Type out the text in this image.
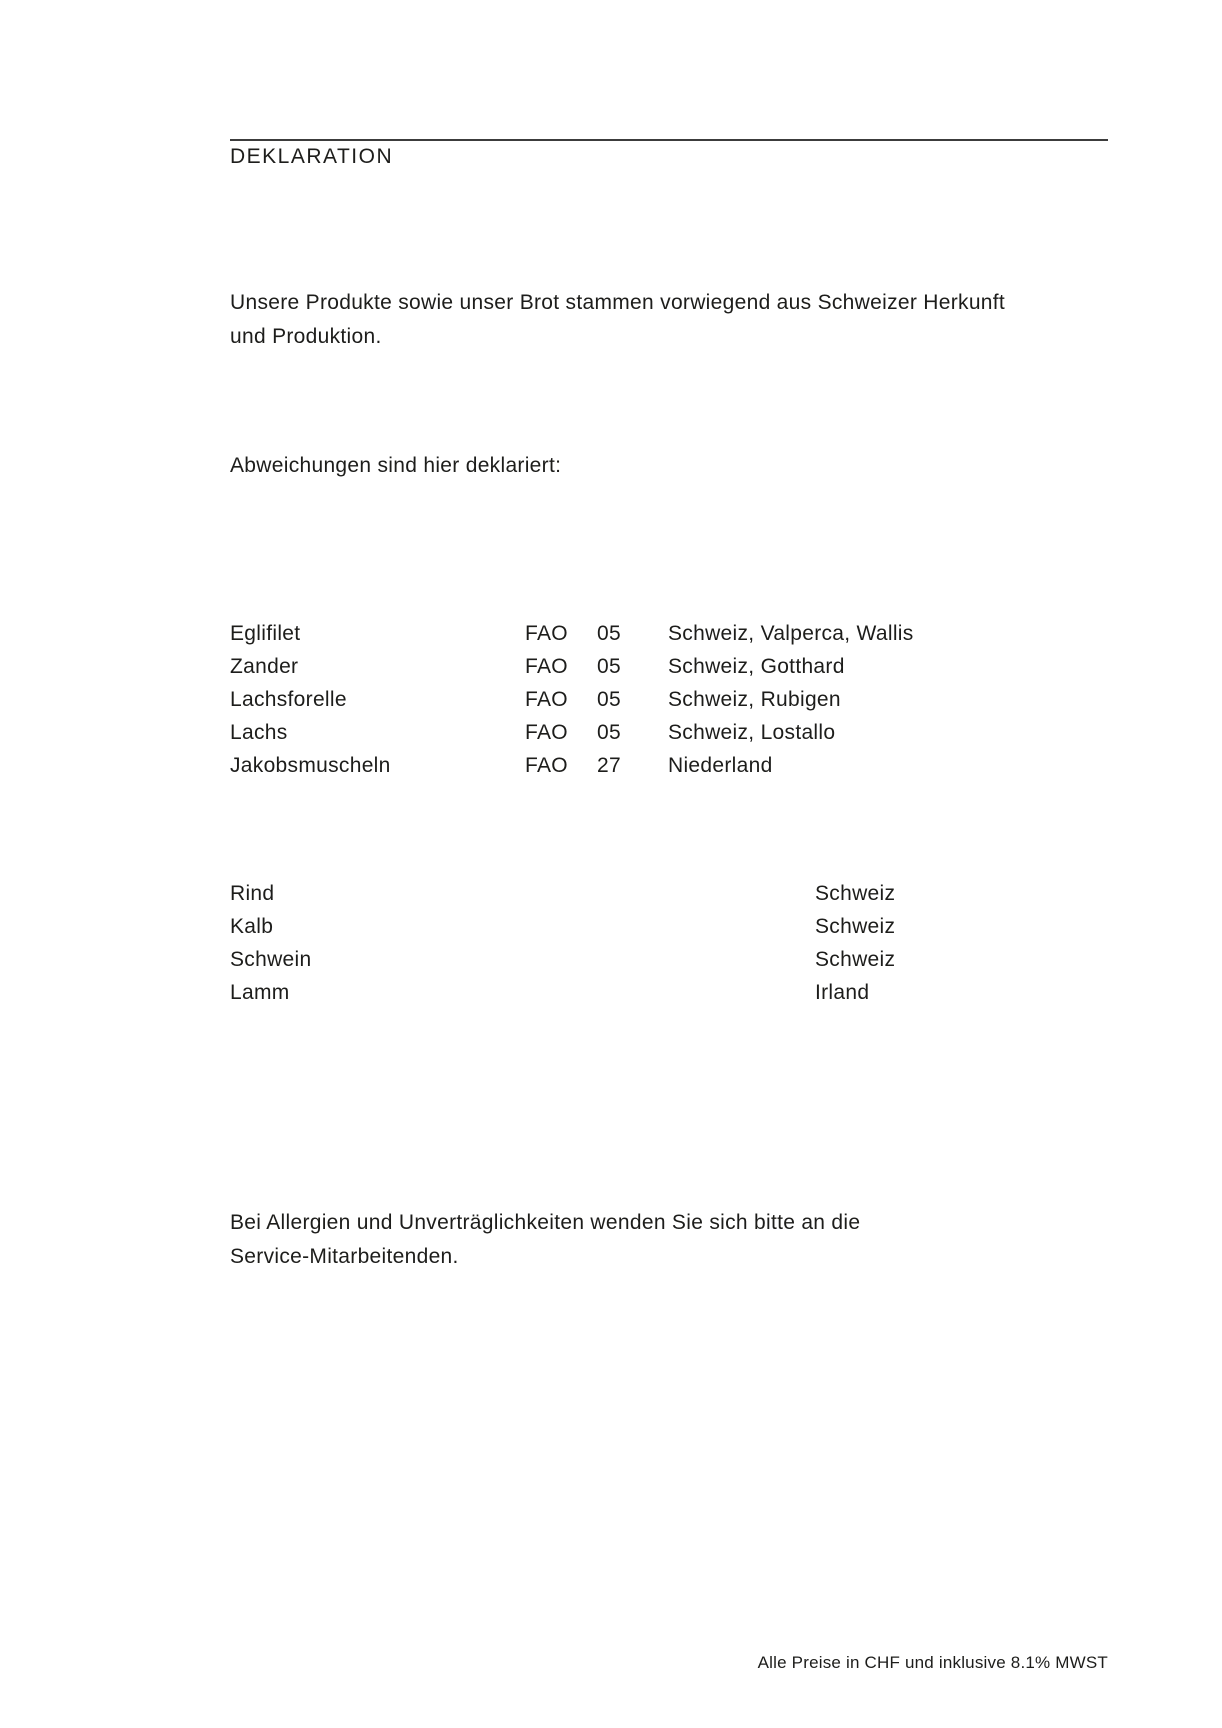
DEKLARATION
Unsere Produkte sowie unser Brot stammen vorwiegend aus Schweizer Herkunft
und Produktion.
Abweichungen sind hier deklariert:
Eglifilet	FAO	05	Schweiz, Valperca, Wallis
Zander	FAO	05	Schweiz, Gotthard
Lachsforelle	FAO	05	Schweiz, Rubigen
Lachs	FAO	05	Schweiz, Lostallo
Jakobsmuscheln	FAO	27	Niederland
Rind	Schweiz
Kalb	Schweiz
Schwein	Schweiz
Lamm	Irland
Bei Allergien und Unverträglichkeiten wenden Sie sich bitte an die
Service-Mitarbeitenden.
Alle Preise in CHF und inklusive 8.1% MWST
